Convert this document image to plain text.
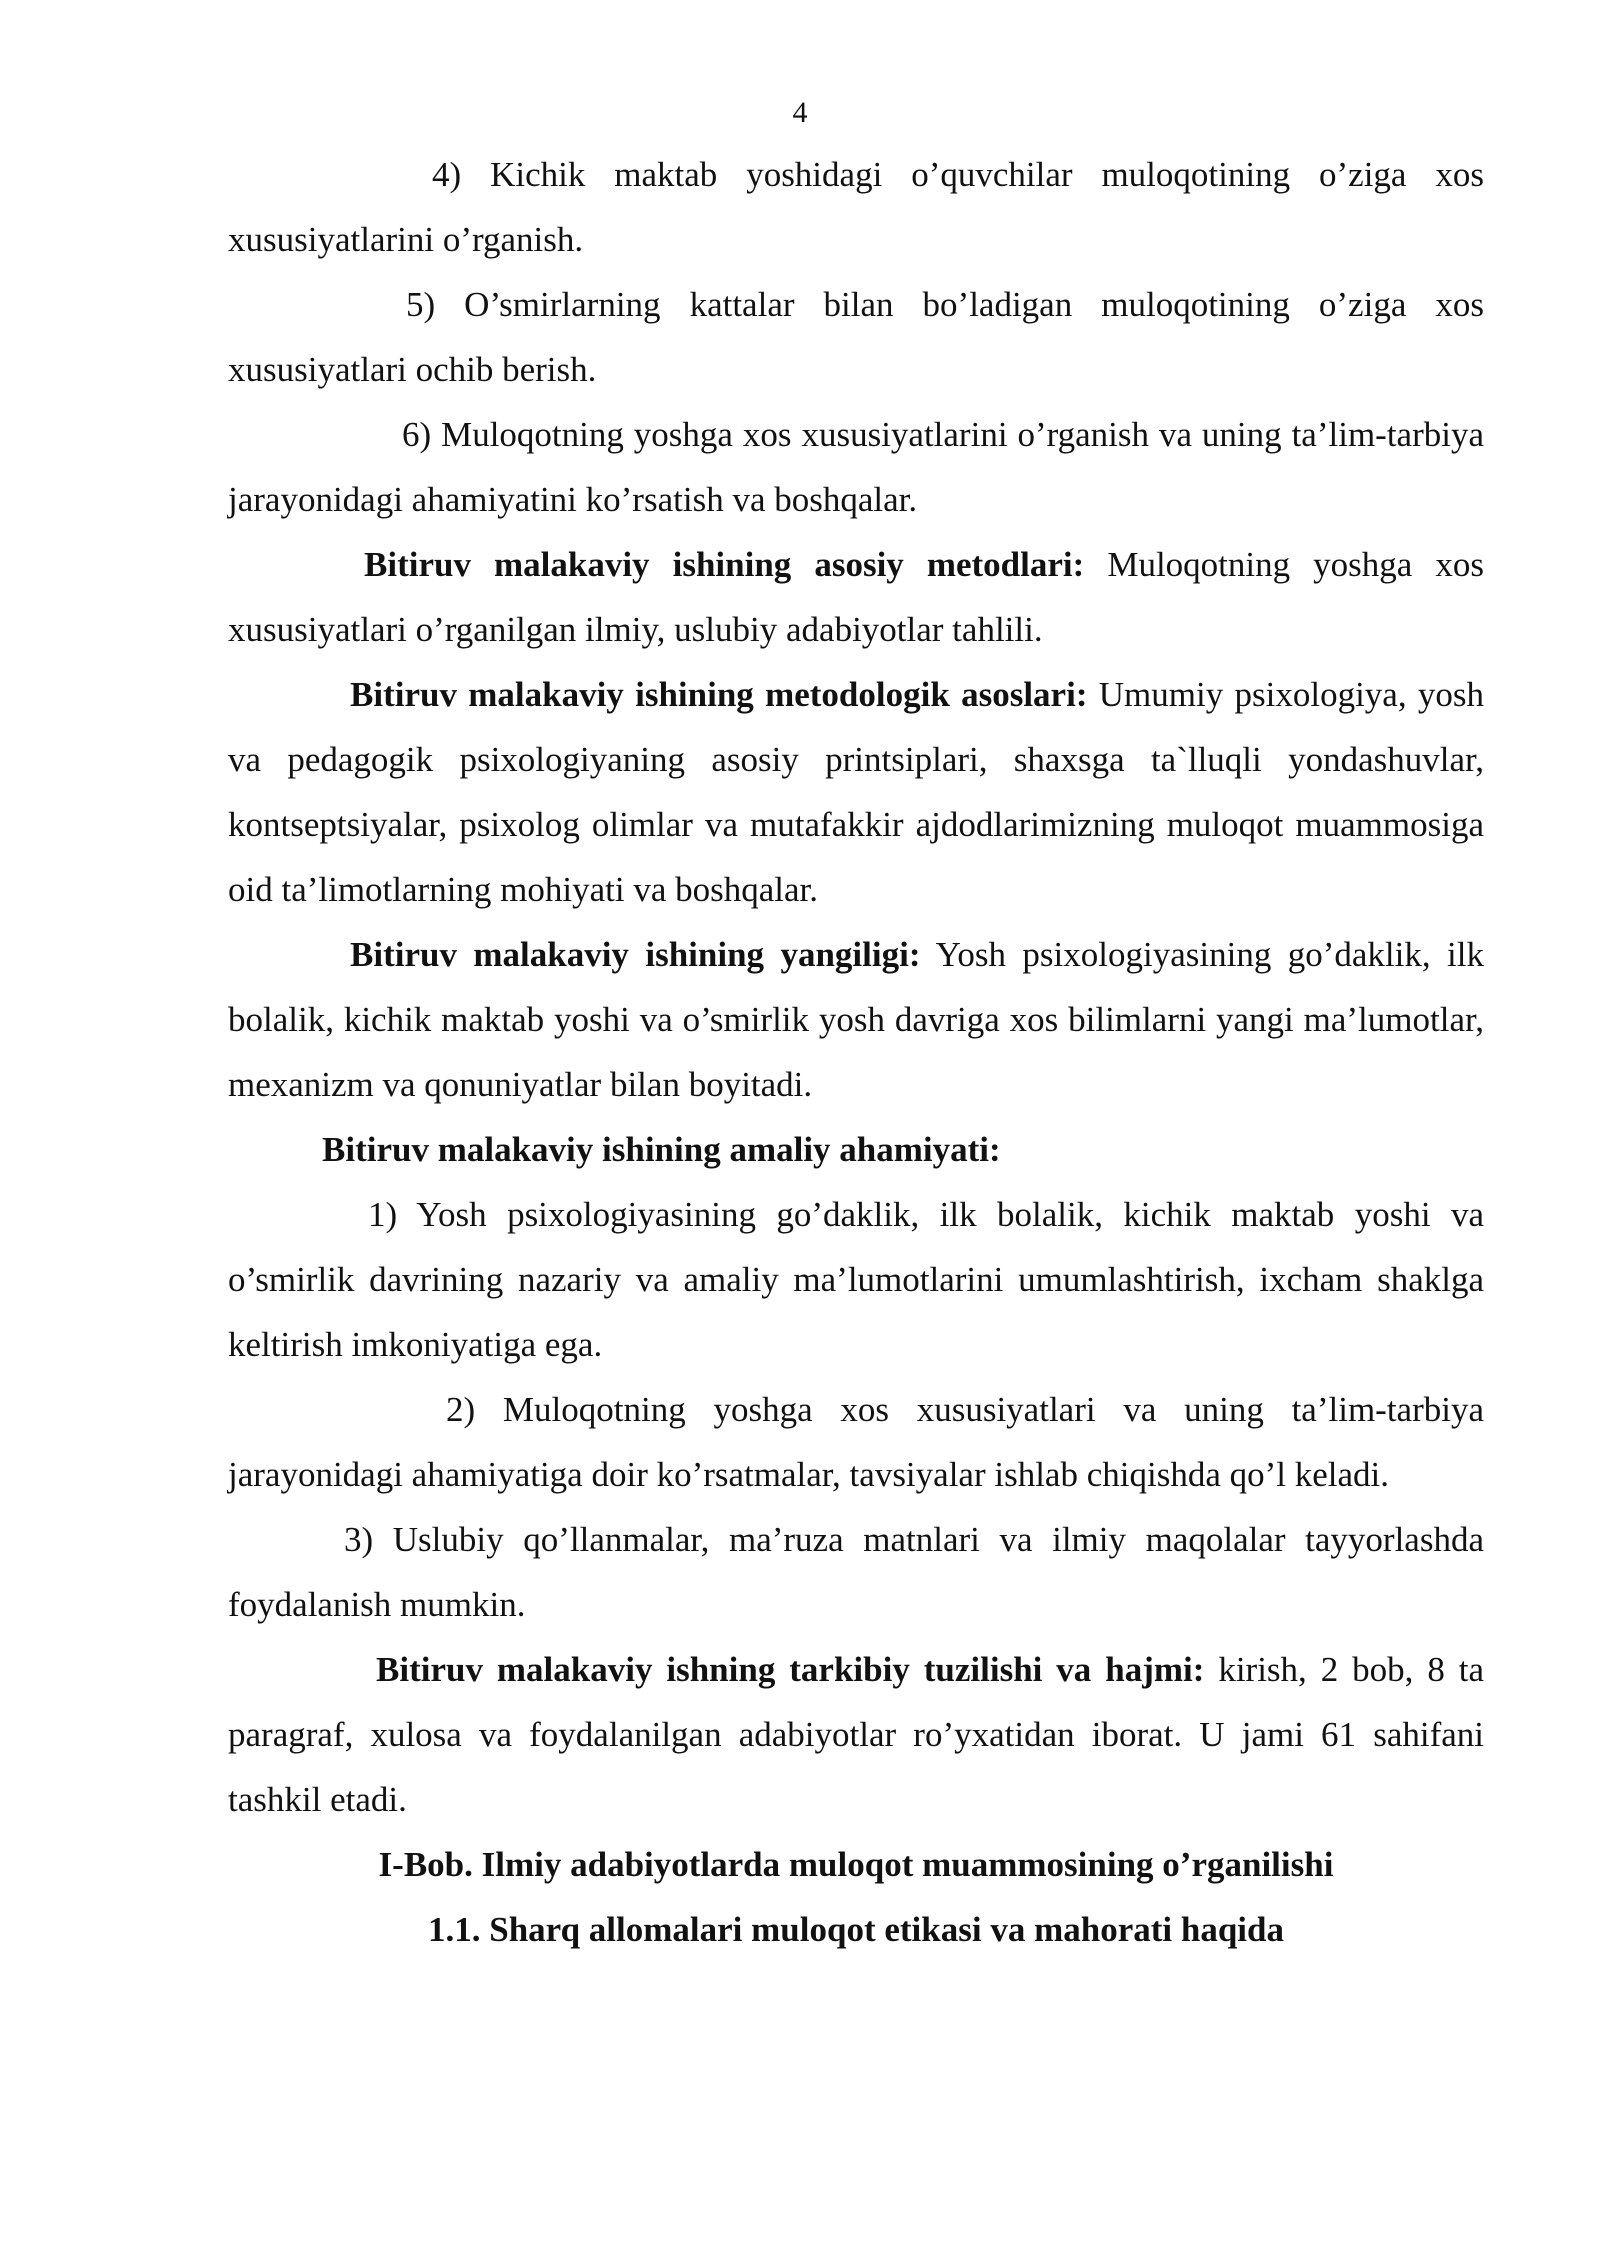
4

4) Kichik maktab yoshidagi o’quvchilar muloqotining o’ziga xos xususiyatlarini o’rganish.

5) O’smirlarning kattalar bilan bo’ladigan muloqotining o’ziga xos xususiyatlari ochib berish.

6) Muloqotning yoshga xos xususiyatlarini o’rganish va uning ta’lim-tarbiya jarayonidagi ahamiyatini ko’rsatish va boshqalar.

Bitiruv malakaviy ishining asosiy metodlari: Muloqotning yoshga xos xususiyatlari o’rganilgan ilmiy, uslubiy adabiyotlar tahlili.

Bitiruv malakaviy ishining metodologik asoslari: Umumiy psixologiya, yosh va pedagogik psixologiyaning asosiy printsiplari, shaxsga ta`lluqli yondashuvlar, kontseptsiyalar, psixolog olimlar va mutafakkir ajdodlarimizning muloqot muammosiga oid ta’limotlarning mohiyati va boshqalar.

Bitiruv malakaviy ishining yangiligi: Yosh psixologiyasining go’daklik, ilk bolalik, kichik maktab yoshi va o’smirlik yosh davriga xos bilimlarni yangi ma’lumotlar, mexanizm va qonuniyatlar bilan boyitadi.

Bitiruv malakaviy ishining amaliy ahamiyati:

1) Yosh psixologiyasining go’daklik, ilk bolalik, kichik maktab yoshi va o’smirlik davrining nazariy va amaliy ma’lumotlarini umumlashtirish, ixcham shaklga keltirish imkoniyatiga ega.

2) Muloqotning yoshga xos xususiyatlari va uning ta’lim-tarbiya jarayonidagi ahamiyatiga doir ko’rsatmalar, tavsiyalar ishlab chiqishda qo’l keladi.

3) Uslubiy qo’llanmalar, ma’ruza matnlari va ilmiy maqolalar tayyorlashda foydalanish mumkin.

Bitiruv malakaviy ishning tarkibiy tuzilishi va hajmi: kirish, 2 bob, 8 ta paragraf, xulosa va foydalanilgan adabiyotlar ro’yxatidan iborat. U jami 61 sahifani tashkil etadi.

I-Bob. Ilmiy adabiyotlarda muloqot muammosining o’rganilishi

1.1. Sharq allomalari muloqot etikasi va mahorati haqida
